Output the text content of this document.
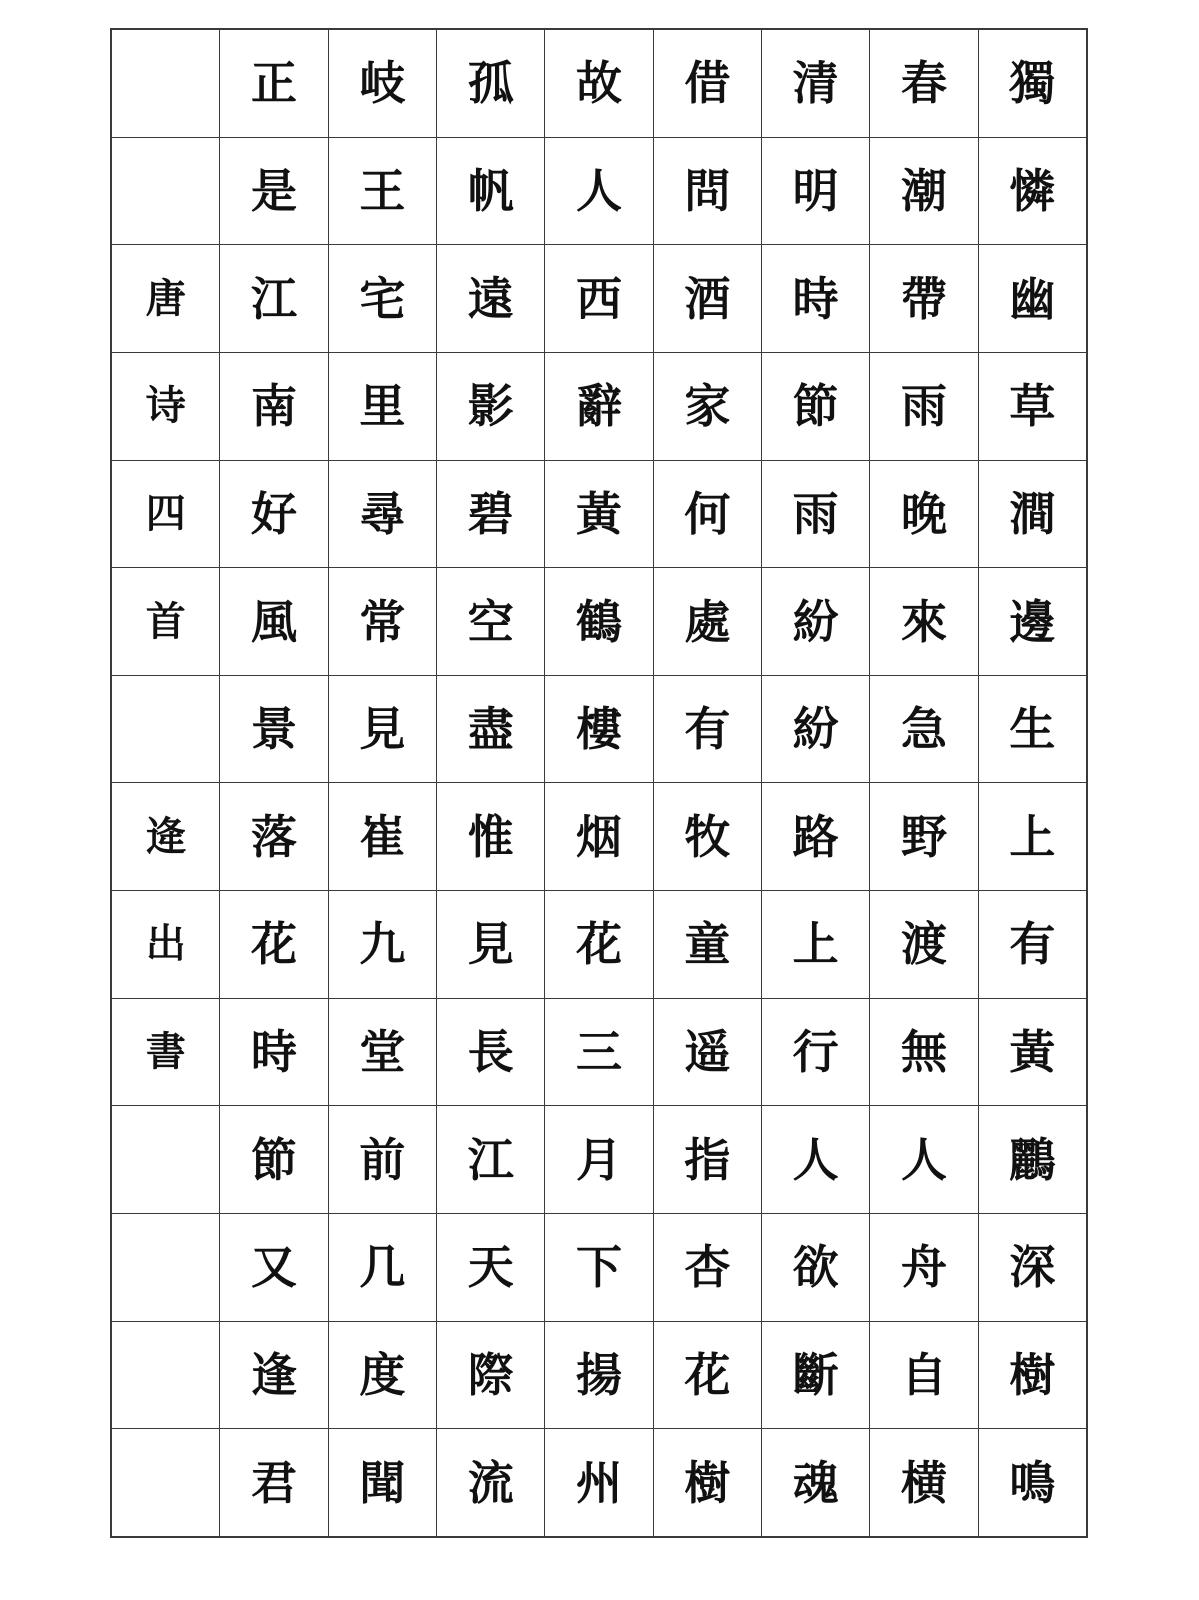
獨
憐
幽
草
澗
邊
生
上
有
黃
鸝
深
樹
鳴
春
潮
帶
雨
晚
來
急
野
渡
無
人
舟
自
横
清
明
時
節
雨
紛
紛
路
上
行
人
欲
斷
魂
借
問
酒
家
何
處
有
牧
童
遥
指
杏
花
樹
故
人
西
辭
黃
鶴
樓
烟
花
三
月
下
揚
州
孤
帆
遠
影
碧
空
盡
惟
見
長
江
天
際
流
岐
王
宅
里
尋
常
見
崔
九
堂
前
几
度
聞
正
是
江
南
好
風
景
落
花
時
節
又
逢
君
唐
诗
四
首
逄
出
書
